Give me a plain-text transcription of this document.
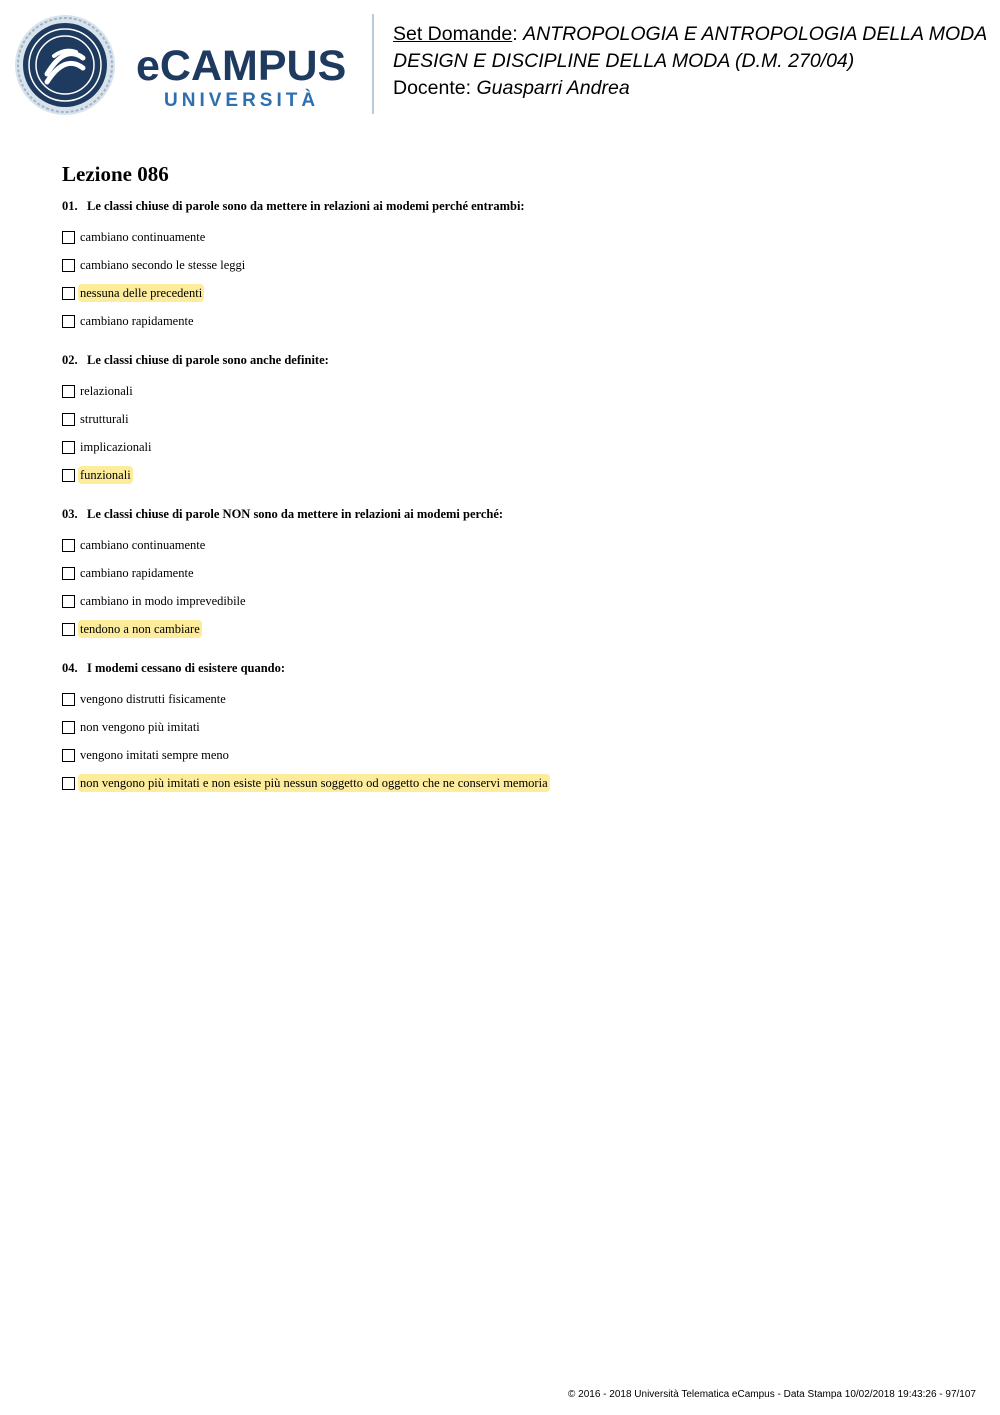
eCAMPUS
UNIVERSITÀ
Set Domande: ANTROPOLOGIA E ANTROPOLOGIA DELLA MODA
DESIGN E DISCIPLINE DELLA MODA (D.M. 270/04)
Docente: Guasparri Andrea
Lezione 086
01. Le classi chiuse di parole sono da mettere in relazioni ai modemi perché entrambi:
cambiano continuamente
cambiano secondo le stesse leggi
nessuna delle precedenti
cambiano rapidamente
02. Le classi chiuse di parole sono anche definite:
relazionali
strutturali
implicazionali
funzionali
03. Le classi chiuse di parole NON sono da mettere in relazioni ai modemi perché:
cambiano continuamente
cambiano rapidamente
cambiano in modo imprevedibile
tendono a non cambiare
04. I modemi cessano di esistere quando:
vengono distrutti fisicamente
non vengono più imitati
vengono imitati sempre meno
non vengono più imitati e non esiste più nessun soggetto od oggetto che ne conservi memoria
© 2016 - 2018 Università Telematica eCampus - Data Stampa 10/02/2018 19:43:26 - 97/107
